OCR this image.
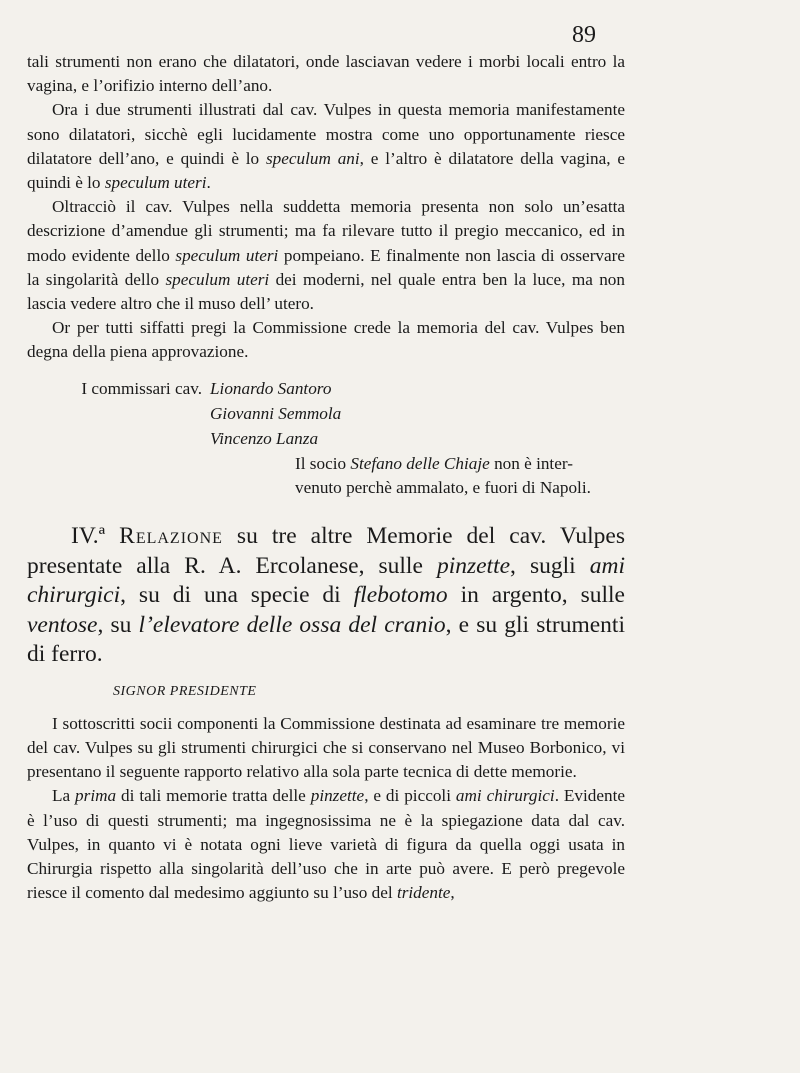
89

tali strumenti non erano che dilatatori, onde lasciavan vedere i morbi locali entro la vagina, e l’orifizio interno dell’ano.

Ora i due strumenti illustrati dal cav. Vulpes in questa memoria manifestamente sono dilatatori, sicchè egli lucidamente mostra come uno opportunamente riesce dilatatore dell’ano, e quindi è lo speculum ani, e l’altro è dilatatore della vagina, e quindi è lo speculum uteri.

Oltracciò il cav. Vulpes nella suddetta memoria presenta non solo un’esatta descrizione d’amendue gli strumenti; ma fa rilevare tutto il pregio meccanico, ed in modo evidente dello speculum uteri pompeiano. E finalmente non lascia di osservare la singolarità dello speculum uteri dei moderni, nel quale entra ben la luce, ma non lascia vedere altro che il muso dell’ utero.

Or per tutti siffatti pregi la Commissione crede la memoria del cav. Vulpes ben degna della piena approvazione.

I commissari cav. Lionardo Santoro
Giovanni Semmola
Vincenzo Lanza
Il socio Stefano delle Chiaje non è inter-
venuto perchè ammalato, e fuori di Napoli.

IV.ª Relazione su tre altre Memorie del cav. Vulpes presentate alla R. A. Ercolanese, sulle pinzette, sugli ami chirurgici, su di una specie di flebotomo in argento, sulle ventose, su l’elevatore delle ossa del cranio, e su gli strumenti di ferro.

SIGNOR PRESIDENTE

I sottoscritti socii componenti la Commissione destinata ad esaminare tre memorie del cav. Vulpes su gli strumenti chirurgici che si conservano nel Museo Borbonico, vi presentano il seguente rapporto relativo alla sola parte tecnica di dette memorie.

La prima di tali memorie tratta delle pinzette, e di piccoli ami chirurgici. Evidente è l’uso di questi strumenti; ma ingegnosissima ne è la spiegazione data dal cav. Vulpes, in quanto vi è notata ogni lieve varietà di figura da quella oggi usata in Chirurgia rispetto alla singolarità dell’uso che in arte può avere. E però pregevole riesce il comento dal medesimo aggiunto su l’uso del tridente,
